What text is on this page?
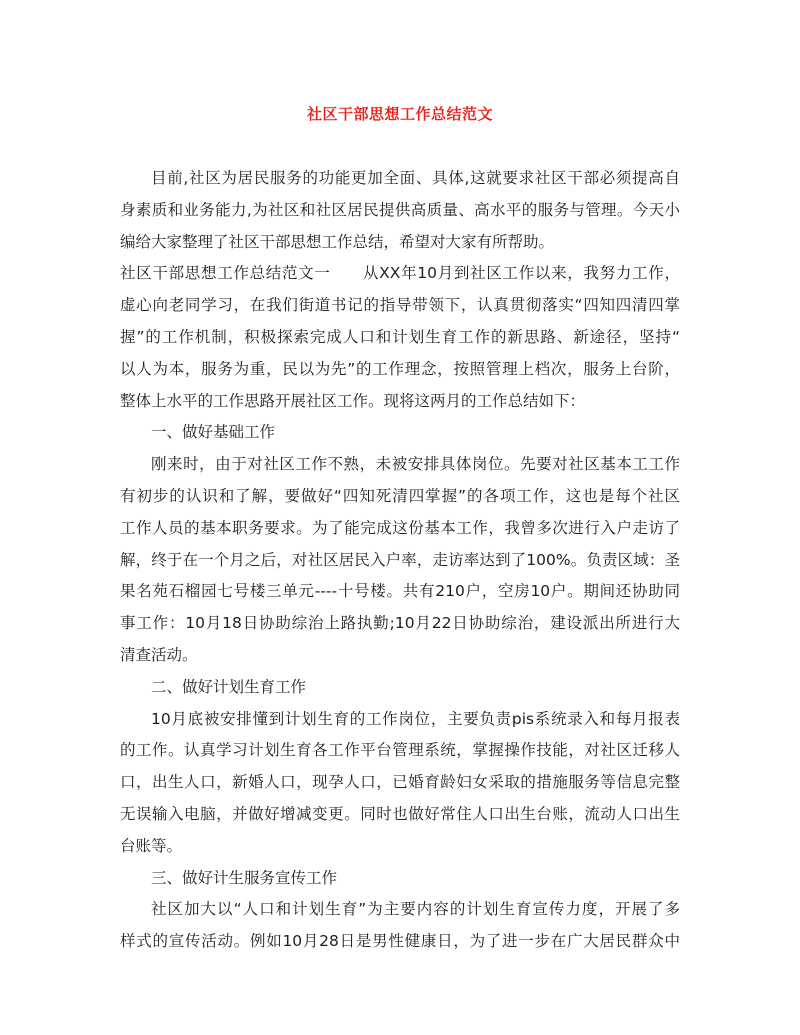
社区干部思想工作总结范文
目前,社区为居民服务的功能更加全面、具体,这就要求社区干部必须提高自
身素质和业务能力,为社区和社区居民提供高质量、高水平的服务与管理。今天小
编给大家整理了社区干部思想工作总结，希望对大家有所帮助。
社区干部思想工作总结范文一　　从XX年10月到社区工作以来，我努力工作，
虚心向老同学习，在我们街道书记的指导带领下，认真贯彻落实“四知四清四掌
握”的工作机制，积极探索完成人口和计划生育工作的新思路、新途径，坚持“
以人为本，服务为重，民以为先”的工作理念，按照管理上档次，服务上台阶，
整体上水平的工作思路开展社区工作。现将这两月的工作总结如下：
一、做好基础工作
刚来时，由于对社区工作不熟，未被安排具体岗位。先要对社区基本工工作
有初步的认识和了解，要做好“四知死清四掌握”的各项工作，这也是每个社区
工作人员的基本职务要求。为了能完成这份基本工作，我曾多次进行入户走访了
解，终于在一个月之后，对社区居民入户率，走访率达到了100%。负责区域：圣
果名苑石榴园七号楼三单元----十号楼。共有210户，空房10户。期间还协助同
事工作：10月18日协助综治上路执勤;10月22日协助综治，建设派出所进行大
清查活动。
二、做好计划生育工作
10月底被安排懂到计划生育的工作岗位，主要负责pis系统录入和每月报表
的工作。认真学习计划生育各工作平台管理系统，掌握操作技能，对社区迁移人
口，出生人口，新婚人口，现孕人口，已婚育龄妇女采取的措施服务等信息完整
无误输入电脑，并做好增减变更。同时也做好常住人口出生台账，流动人口出生
台账等。
三、做好计生服务宣传工作
社区加大以“人口和计划生育”为主要内容的计划生育宣传力度，开展了多
样式的宣传活动。例如10月28日是男性健康日，为了进一步在广大居民群众中
